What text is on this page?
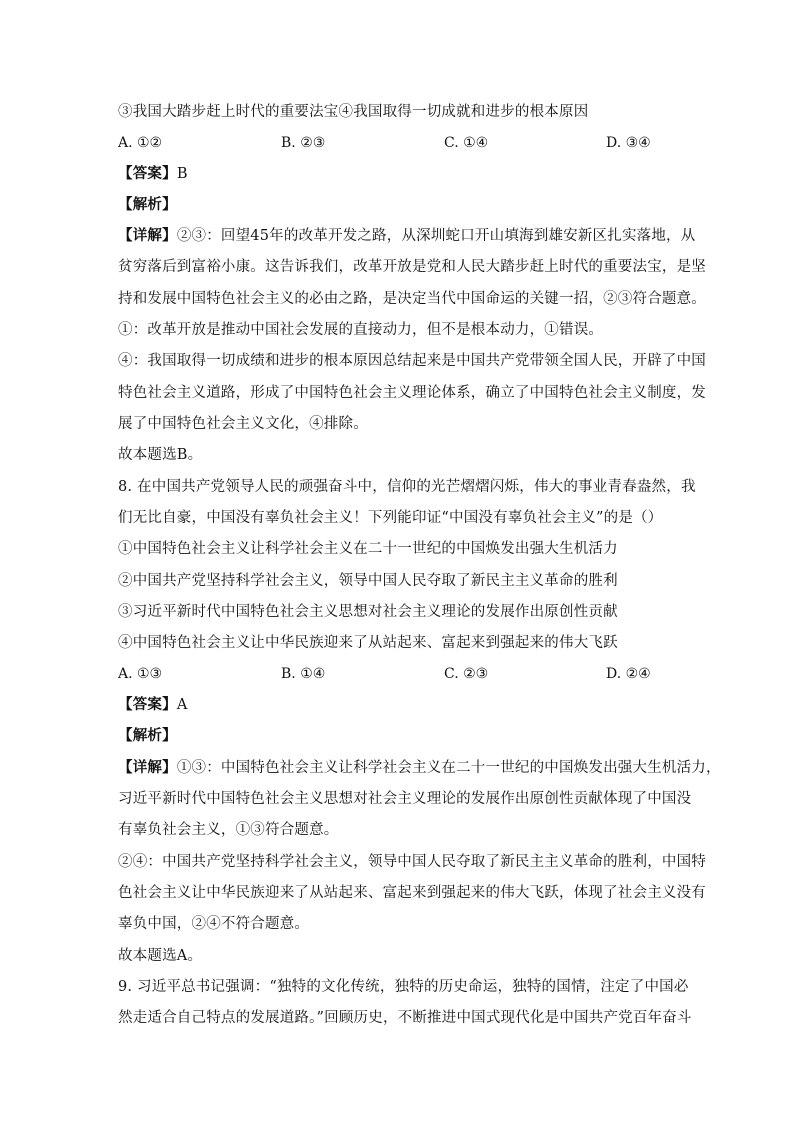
③我国大踏步赶上时代的重要法宝④我国取得一切成就和进步的根本原因
A. ①②	B. ②③	C. ①④	D. ③④
【答案】B
【解析】
【详解】②③：回望45年的改革开发之路，从深圳蛇口开山填海到雄安新区扎实落地，从
贫穷落后到富裕小康。这告诉我们，改革开放是党和人民大踏步赶上时代的重要法宝，是坚
持和发展中国特色社会主义的必由之路，是决定当代中国命运的关键一招，②③符合题意。
①：改革开放是推动中国社会发展的直接动力，但不是根本动力，①错误。
④：我国取得一切成绩和进步的根本原因总结起来是中国共产党带领全国人民，开辟了中国
特色社会主义道路，形成了中国特色社会主义理论体系，确立了中国特色社会主义制度，发
展了中国特色社会主义文化，④排除。
故本题选B。
8. 在中国共产党领导人民的顽强奋斗中，信仰的光芒熠熠闪烁，伟大的事业青春盎然，我
们无比自豪，中国没有辜负社会主义！下列能印证“中国没有辜负社会主义”的是（）
①中国特色社会主义让科学社会主义在二十一世纪的中国焕发出强大生机活力
②中国共产党坚持科学社会主义，领导中国人民夺取了新民主主义革命的胜利
③习近平新时代中国特色社会主义思想对社会主义理论的发展作出原创性贡献
④中国特色社会主义让中华民族迎来了从站起来、富起来到强起来的伟大飞跃
A. ①③	B. ①④	C. ②③	D. ②④
【答案】A
【解析】
【详解】①③：中国特色社会主义让科学社会主义在二十一世纪的中国焕发出强大生机活力，
习近平新时代中国特色社会主义思想对社会主义理论的发展作出原创性贡献体现了中国没
有辜负社会主义，①③符合题意。
②④：中国共产党坚持科学社会主义，领导中国人民夺取了新民主主义革命的胜利，中国特
色社会主义让中华民族迎来了从站起来、富起来到强起来的伟大飞跃，体现了社会主义没有
辜负中国，②④不符合题意。
故本题选A。
9. 习近平总书记强调：“独特的文化传统，独特的历史命运，独特的国情，注定了中国必
然走适合自己特点的发展道路。”回顾历史，不断推进中国式现代化是中国共产党百年奋斗
